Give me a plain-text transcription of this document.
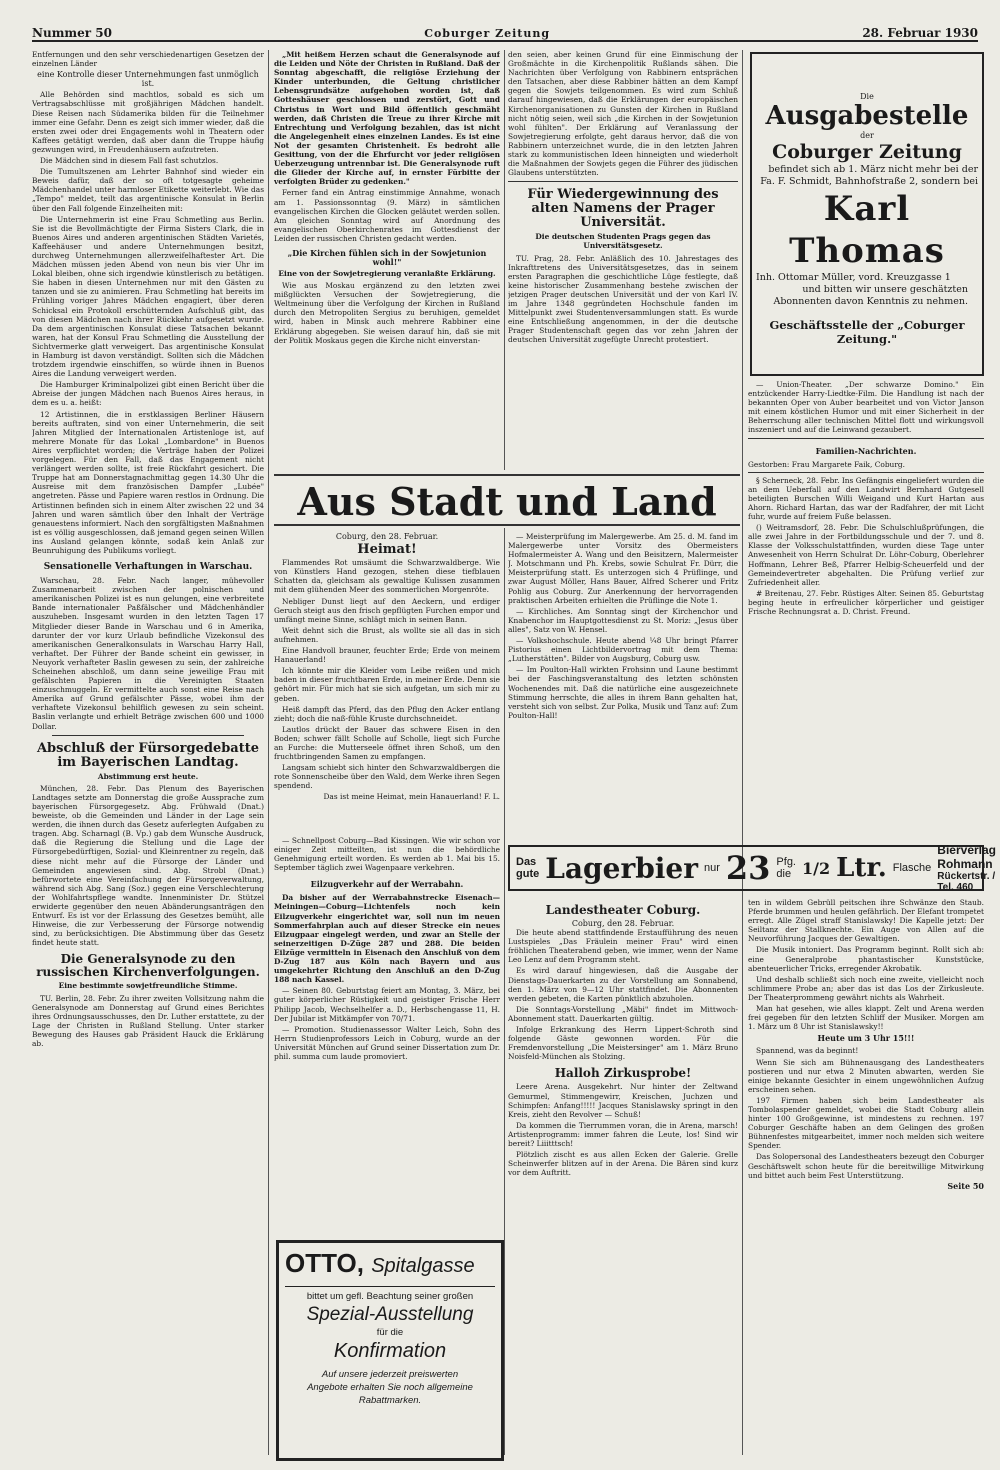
Nummer 50	Coburger Zeitung	28. Februar 1930

Entfernungen und den sehr verschiedenartigen Gesetzen der einzelnen Länder

eine Kontrolle dieser Unternehmungen fast unmöglich ist.

Alle Behörden sind machtlos, sobald es sich um Vertragsabschlüsse mit großjährigen Mädchen handelt. Diese Reisen nach Südamerika bilden für die Teilnehmer immer eine Gefahr. Denn es zeigt sich immer wieder, daß die ersten zwei oder drei Engagements wohl in Theatern oder Kaffees getätigt werden, daß aber dann die Truppe häufig gezwungen wird, in Freudenhäusern aufzutreten.

Die Mädchen sind in diesem Fall fast schutzlos.

Die Tumultszenen am Lehrter Bahnhof sind wieder ein Beweis dafür, daß der so oft totgesagte geheime Mädchenhandel unter harmloser Etikette weiterlebt. Wie das „Tempo" meldet, teilt das argentinische Konsulat in Berlin über den Fall folgende Einzelheiten mit:

Die Unternehmerin ist eine Frau Schmetling aus Berlin. Sie ist die Bevollmächtigte der Firma Sisters Clark, die in Buenos Aires und anderen argentinischen Städten Varietés, Kaffeehäuser und andere Unternehmungen besitzt, durchweg Unternehmungen allerzweifelhaftester Art. Die Mädchen müssen jeden Abend von neun bis vier Uhr im Lokal bleiben, ohne sich irgendwie künstlerisch zu betätigen. Sie haben in diesen Unternehmen nur mit den Gästen zu tanzen und sie zu animieren. Frau Schmetling hat bereits im Frühling voriger Jahres Mädchen engagiert, über deren Schicksal ein Protokoll erschütternden Aufschluß gibt, das von diesen Mädchen nach ihrer Rückkehr aufgesetzt wurde. Da dem argentinischen Konsulat diese Tatsachen bekannt waren, hat der Konsul Frau Schmetling die Ausstellung der Sichtvermerke glatt verweigert. Das argentinische Konsulat in Hamburg ist davon verständigt. Sollten sich die Mädchen trotzdem irgendwie einschiffen, so würde ihnen in Buenos Aires die Landung verweigert werden.

Die Hamburger Kriminalpolizei gibt einen Bericht über die Abreise der jungen Mädchen nach Buenos Aires heraus, in dem es u. a. heißt:

12 Artistinnen, die in erstklassigen Berliner Häusern bereits auftraten, sind von einer Unternehmerin, die seit Jahren Mitglied der Internationalen Artistenloge ist, auf mehrere Monate für das Lokal „Lombardone" in Buenos Aires verpflichtet worden; die Verträge haben der Polizei vorgelegen. Für den Fall, daß das Engagement nicht verlängert werden sollte, ist freie Rückfahrt gesichert. Die Truppe hat am Donnerstagnachmittag gegen 14.30 Uhr die Ausreise mit dem französischen Dampfer „Lubée" angetreten. Pässe und Papiere waren restlos in Ordnung. Die Artistinnen befinden sich in einem Alter zwischen 22 und 34 Jahren und waren sämtlich über den Inhalt der Verträge genauestens informiert. Nach den sorgfältigsten Maßnahmen ist es völlig ausgeschlossen, daß jemand gegen seinen Willen ins Ausland gelangen könnte, sodaß kein Anlaß zur Beunruhigung des Publikums vorliegt.

Sensationelle Verhaftungen in Warschau.

Warschau, 28. Febr. Nach langer, mühevoller Zusammenarbeit zwischen der polnischen und amerikanischen Polizei ist es nun gelungen, eine verbreitete Bande internationaler Paßfälscher und Mädchenhändler auszuheben. Insgesamt wurden in den letzten Tagen 17 Mitglieder dieser Bande in Warschau und 6 in Amerika, darunter der vor kurz Urlaub befindliche Vizekonsul des amerikanischen Generalkonsulats in Warschau Harry Hall, verhaftet. Der Führer der Bande scheint ein gewisser, in Neuyork verhafteter Baslin gewesen zu sein, der zahlreiche Scheinehen abschloß, um dann seine jeweilige Frau mit gefälschten Papieren in die Vereinigten Staaten einzuschmuggeln. Er vermittelte auch sonst eine Reise nach Amerika auf Grund gefälschter Pässe, wobei ihm der verhaftete Vizekonsul behilflich gewesen zu sein scheint. Baslin verlangte und erhielt Beträge zwischen 600 und 1000 Dollar.

Abschluß der Fürsorgedebatte im Bayerischen Landtag.
Abstimmung erst heute.

München, 28. Febr. Das Plenum des Bayerischen Landtages setzte am Donnerstag die große Aussprache zum bayerischen Fürsorgegesetz. Abg. Frühwald (Dnat.) beweiste, ob die Gemeinden und Länder in der Lage sein werden, die ihnen durch das Gesetz auferlegten Aufgaben zu tragen. Abg. Scharnagl (B. Vp.) gab dem Wunsche Ausdruck, daß die Regierung die Stellung und die Lage der Fürsorgebedürftigen, Sozial- und Kleinrentner zu regeln, daß diese nicht mehr auf die Fürsorge der Länder und Gemeinden angewiesen sind. Abg. Strobl (Dnat.) befürwortete eine Vereinfachung der Fürsorgeverwaltung, während sich Abg. Sang (Soz.) gegen eine Verschlechterung der Wohlfahrtspflege wandte. Innenminister Dr. Stützel erwiderte gegenüber den neuen Abänderungsanträgen den Entwurf. Es ist vor der Erlassung des Gesetzes bemüht, alle Hinweise, die zur Verbesserung der Fürsorge notwendig sind, zu berücksichtigen. Die Abstimmung über das Gesetz findet heute statt.

Die Generalsynode zu den russischen Kirchenverfolgungen.
Eine bestimmte sowjetfreundliche Stimme.

TU. Berlin, 28. Febr. Zu ihrer zweiten Vollsitzung nahm die Generalsynode am Donnerstag auf Grund eines Berichtes ihres Ordnungsausschusses, den Dr. Luther erstattete, zu der Lage der Christen in Rußland Stellung. Unter starker Bewegung des Hauses gab Präsident Hauck die Erklärung ab.

„Mit heißem Herzen schaut die Generalsynode auf die Leiden und Nöte der Christen in Rußland. Daß der Sonntag abgeschafft, die religiöse Erziehung der Kinder unterbunden, die Geltung christlicher Lebensgrundsätze aufgehoben worden ist, daß Gotteshäuser geschlossen und zerstört, Gott und Christus in Wort und Bild öffentlich geschmäht werden, daß Christen die Treue zu ihrer Kirche mit Entrechtung und Verfolgung bezahlen, das ist nicht die Angelegenheit eines einzelnen Landes. Es ist eine Not der gesamten Christenheit. Es bedroht alle Gesittung, von der die Ehrfurcht vor jeder religiösen Ueberzeugung untrennbar ist. Die Generalsynode ruft die Glieder der Kirche auf, in ernster Fürbitte der verfolgten Brüder zu gedenken."

Ferner fand ein Antrag einstimmige Annahme, wonach am 1. Passionssonntag (9. März) in sämtlichen evangelischen Kirchen die Glocken geläutet werden sollen. Am gleichen Sonntag wird auf Anordnung des evangelischen Oberkirchenrates im Gottesdienst der Leiden der russischen Christen gedacht werden.

„Die Kirchen fühlen sich in der Sowjetunion wohl!"
Eine von der Sowjetregierung veranlaßte Erklärung.

Wie aus Moskau ergänzend zu den letzten zwei mißglückten Versuchen der Sowjetregierung, die Weltmeinung über die Verfolgung der Kirchen in Rußland durch den Metropoliten Sergius zu beruhigen, gemeldet wird, haben in Minsk auch mehrere Rabbiner eine Erklärung abgegeben. Sie weisen darauf hin, daß sie mit der Politik Moskaus gegen die Kirche nicht einverstan-

den seien, aber keinen Grund für eine Einmischung der Großmächte in die Kirchenpolitik Rußlands sähen. Die Nachrichten über Verfolgung von Rabbinern entsprächen den Tatsachen, aber diese Rabbiner hätten an dem Kampf gegen die Sowjets teilgenommen. Es wird zum Schluß darauf hingewiesen, daß die Erklärungen der europäischen Kirchenorganisationen zu Gunsten der Kirchen in Rußland nicht nötig seien, weil sich „die Kirchen in der Sowjetunion wohl fühlten". Der Erklärung auf Veranlassung der Sowjetregierung erfolgte, geht daraus hervor, daß die von Rabbinern unterzeichnet wurde, die in den letzten Jahren stark zu kommunistischen Ideen hinneigten und wiederholt die Maßnahmen der Sowjets gegen die Führer des jüdischen Glaubens unterstützten.

Für Wiedergewinnung des alten Namens der Prager Universität.
Die deutschen Studenten Prags gegen das Universitätsgesetz.

TU. Prag, 28. Febr. Anläßlich des 10. Jahrestages des Inkrafttretens des Universitätsgesetzes, das in seinem ersten Paragraphen die geschichtliche Lüge festlegte, daß keine historischer Zusammenhang bestehe zwischen der jetzigen Prager deutschen Universität und der von Karl IV. im Jahre 1348 gegründeten Hochschule fanden im Mittelpunkt zwei Studentenversammlungen statt. Es wurde eine Entschließung angenommen, in der die deutsche Prager Studentenschaft gegen das vor zehn Jahren der deutschen Universität zugefügte Unrecht protestiert.

Die
Ausgabestelle
der
Coburger Zeitung
befindet sich ab 1. März nicht mehr bei der Fa. F. Schmidt, Bahnhofstraße 2, sondern bei
Karl Thomas
Inh. Ottomar Müller, vord. Kreuzgasse 1
und bitten wir unsere geschätzten Abonnenten davon Kenntnis zu nehmen.
Geschäftsstelle der „Coburger Zeitung."

— Union-Theater. „Der schwarze Domino." Ein entzückender Harry-Liedtke-Film. Die Handlung ist nach der bekannten Oper von Auber bearbeitet und von Victor Janson mit einem köstlichen Humor und mit einer Sicherheit in der Beherrschung aller technischen Mittel flott und wirkungsvoll inszeniert und auf die Leinwand gezaubert.

Familien-Nachrichten.

Gestorben: Frau Margarete Faik, Coburg.

§ Scherneck, 28. Febr. Ins Gefängnis eingeliefert wurden die an dem Ueberfall auf den Landwirt Bernhard Gutgesell beteiligten Burschen Willi Weigand und Kurt Hartan aus Ahorn. Richard Hartan, das war der Radfahrer, der mit Licht fuhr, wurde auf freiem Fuße belassen.

() Weitramsdorf, 28. Febr. Die Schulschlußprüfungen, die alle zwei Jahre in der Fortbildungsschule und der 7. und 8. Klasse der Volksschulstattfinden, wurden diese Tage unter Anwesenheit von Herrn Schulrat Dr. Löhr-Coburg, Oberlehrer Hoffmann, Lehrer Beß, Pfarrer Helbig-Scheuerfeld und der Gemeindevertreter abgehalten. Die Prüfung verlief zur Zufriedenheit aller.

# Breitenau, 27. Febr. Rüstiges Alter. Seinen 85. Geburtstag beging heute in erfreulicher körperlicher und geistiger Frische Rechnungsrat a. D. Christ. Freund.

Aus Stadt und Land
Coburg, den 28. Februar.
Heimat!

Flammendes Rot umsäumt die Schwarzwaldberge. Wie von Künstlers Hand gezogen, stehen diese tiefblauen Schatten da, gleichsam als gewaltige Kulissen zusammen mit dem glühenden Meer des sommerlichen Morgenröte.

Nebliger Dunst liegt auf den Aeckern, und erdiger Geruch steigt aus den frisch gepflügten Furchen empor und umfängt meine Sinne, schlägt mich in seinen Bann.

Weit dehnt sich die Brust, als wollte sie all das in sich aufnehmen.

Eine Handvoll brauner, feuchter Erde; Erde von meinem Hanauerland!

Ich könnte mir die Kleider vom Leibe reißen und mich baden in dieser fruchtbaren Erde, in meiner Erde. Denn sie gehört mir. Für mich hat sie sich aufgetan, um sich mir zu geben.

Heiß dampft das Pferd, das den Pflug den Acker entlang zieht; doch die naß-fühle Kruste durchschneidet.

Lautlos drückt der Bauer das schwere Eisen in den Boden; schwer fällt Scholle auf Scholle, liegt sich Furche an Furche: die Mutterseele öffnet ihren Schoß, um den fruchtbringenden Samen zu empfangen.

Langsam schiebt sich hinter den Schwarzwaldbergen die rote Sonnenscheibe über den Wald, dem Werke ihren Segen spendend.

Das ist meine Heimat, mein Hanauerland! F. L.

— Schnellpost Coburg—Bad Kissingen. Wie wir schon vor einiger Zeit mitteilten, ist nun die behördliche Genehmigung erteilt worden. Es werden ab 1. Mai bis 15. September täglich zwei Wagenpaare verkehren.

Eilzugverkehr auf der Werrabahn.

Da bisher auf der Werrabahnstrecke Eisenach—Meiningen—Coburg—Lichtenfels noch kein Eilzugverkehr eingerichtet war, soll nun im neuen Sommerfahrplan auch auf dieser Strecke ein neues Eilzugpaar eingelegt werden, und zwar an Stelle der seinerzeitigen D-Züge 287 und 288. Die beiden Eilzüge vermitteln in Eisenach den Anschluß von dem D-Zug 187 aus Köln nach Bayern und aus umgekehrter Richtung den Anschluß an den D-Zug 188 nach Kassel.

— Seinen 80. Geburtstag feiert am Montag, 3. März, bei guter körperlicher Rüstigkeit und geistiger Frische Herr Philipp Jacob, Wechselhelfer a. D., Herbschengasse 11, H. Der Jubilar ist Mitkämpfer von 70/71.

— Promotion. Studienassessor Walter Leich, Sohn des Herrn Studienprofessors Leich in Coburg, wurde an der Universität München auf Grund seiner Dissertation zum Dr. phil. summa cum laude promoviert.

OTTO, Spitalgasse
bittet um gefl. Beachtung seiner großen
Spezial-Ausstellung
für die
Konfirmation
Auf unsere jederzeit preiswerten Angebote erhalten Sie noch allgemeine Rabattmarken.

— Meisterprüfung im Malergewerbe. Am 25. d. M. fand im Malergewerbe unter Vorsitz des Obermeisters Hofmalermeister A. Wang und den Beisitzern, Malermeister J. Motschmann und Ph. Krebs, sowie Schulrat Fr. Dürr, die Meisterprüfung statt. Es unterzogen sich 4 Prüflinge, und zwar August Möller, Hans Bauer, Alfred Scherer und Fritz Pohlig aus Coburg. Zur Anerkennung der hervorragenden praktischen Arbeiten erhielten die Prüflinge die Note 1.

— Kirchliches. Am Sonntag singt der Kirchenchor und Knabenchor im Hauptgottesdienst zu St. Moriz: „Jesus über alles", Satz von W. Hensel.

— Volkshochschule. Heute abend ¼8 Uhr bringt Pfarrer Pistorius einen Lichtbildervortrag mit dem Thema: „Lutherstätten". Bilder von Augsburg, Coburg usw.

— Im Poulton-Hall wirkten Frohsinn und Laune bestimmt bei der Faschingsveranstaltung des letzten schönsten Wochenendes mit. Daß die natürliche eine ausgezeichnete Stimmung herrschte, die alles in ihrem Bann gehalten hat, versteht sich von selbst. Zur Polka, Musik und Tanz auf: Zum Poulton-Hall!

Das gute Lagerbier nur 23 Pfg. die 1/2 Ltr. Flasche
Bierverlag Rohmann
Rückertstr. / Tel. 460
Landestheater Coburg.
Coburg, den 28. Februar.

Die heute abend stattfindende Erstaufführung des neuen Lustspieles „Das Fräulein meiner Frau" wird einen fröhlichen Theaterabend geben, wie immer, wenn der Name Leo Lenz auf dem Programm steht.

Es wird darauf hingewiesen, daß die Ausgabe der Dienstags-Dauerkarten zu der Vorstellung am Sonnabend, den 1. März von 9—12 Uhr stattfindet. Die Abonnenten werden gebeten, die Karten pünktlich abzuholen.

Die Sonntags-Vorstellung „Mäbi" findet im Mittwoch-Abonnement statt. Dauerkarten gültig.

Infolge Erkrankung des Herrn Lippert-Schroth sind folgende Gäste gewonnen worden. Für die Fremdenvorstellung „Die Meistersinger" am 1. März Bruno Noisfeld-München als Stolzing.

Halloh Zirkusprobe!

Leere Arena. Ausgekehrt. Nur hinter der Zeltwand Gemurmel, Stimmengewirr, Kreischen, Juchzen und Schimpfen: Anfang!!!!! Jacques Stanislawsky springt in den Kreis, zieht den Revolver — Schuß!

Da kommen die Tierrummen voran, die in Arena, marsch! Artistenprogramm: immer fahren die Leute, los! Sind wir bereit? Liiitttsch!

Plötzlich zischt es aus allen Ecken der Galerie. Grelle Scheinwerfer blitzen auf in der Arena. Die Bären sind kurz vor dem Auftritt.

ten in wildem Gebrüll peitschen ihre Schwänze den Staub. Pferde brummen und heulen gefährlich. Der Elefant trompetet erregt. Alle Zügel straff Stanislawsky! Die Kapelle jetzt: Der Seiltanz der Stallknechte. Ein Auge von Allen auf die Neuvorführung Jacques der Gewaltigen.

Die Musik intoniert. Das Programm beginnt. Rollt sich ab: eine Generalprobe phantastischer Kunststücke, abenteuerlicher Tricks, erregender Akrobatik.

Und deshalb schließt sich noch eine zweite, vielleicht noch schlimmere Probe an; aber das ist das Los der Zirkusleute. Der Theaterprommeng gewährt nichts als Wahrheit.

Man hat gesehen, wie alles klappt. Zelt und Arena werden frei gegeben für den letzten Schliff der Musiker. Morgen am 1. März um 8 Uhr ist Stanislawsky!!

Heute um 3 Uhr 15!!!

Spannend, was da beginnt!

Wenn Sie sich am Bühnenausgang des Landestheaters postieren und nur etwa 2 Minuten abwarten, werden Sie einige bekannte Gesichter in einem ungewöhnlichen Aufzug erscheinen sehen.

197 Firmen haben sich beim Landestheater als Tombolaspender gemeldet, wobei die Stadt Coburg allein hinter 100 Großgewinne, ist mindestens zu rechnen. 197 Coburger Geschäfte haben an dem Gelingen des großen Bühnenfestes mitgearbeitet, immer noch melden sich weitere Spender.

Das Solopersonal des Landestheaters bezeugt den Coburger Geschäftswelt schon heute für die bereitwillige Mitwirkung und bittet auch beim Fest Unterstützung.

Seite 50
